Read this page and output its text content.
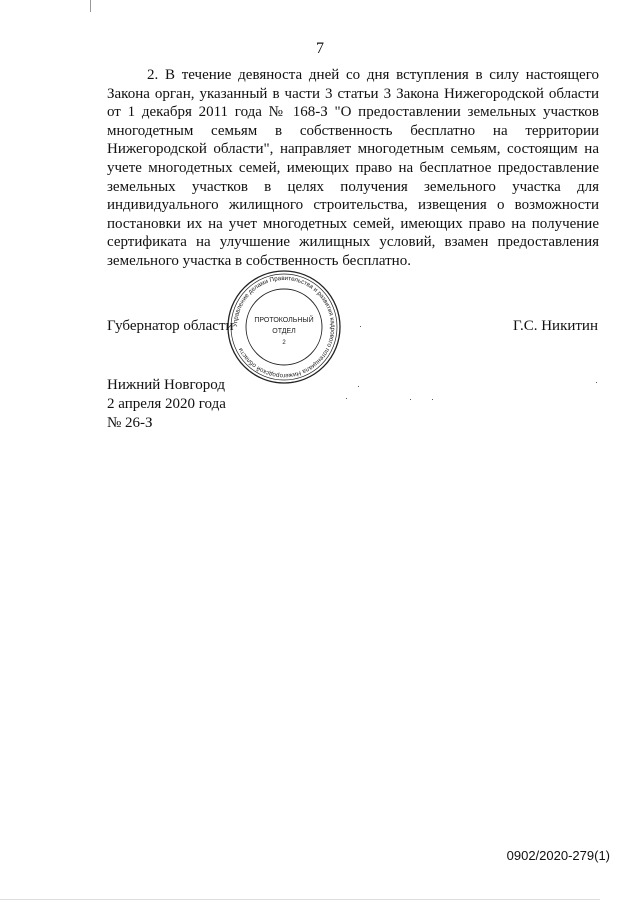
7

2. В течение девяноста дней со дня вступления в силу настоящего Закона орган, указанный в части 3 статьи 3 Закона Нижегородской области от 1 декабря 2011 года № 168-З "О предоставлении земельных участков многодетным семьям в собственность бесплатно на территории Нижегородской области", направляет многодетным семьям, состоящим на учете многодетных семей, имеющих право на бесплатное предоставление земельных участков в целях получения земельного участка для индивидуального жилищного строительства, извещения о возможности постановки их на учет многодетных семей, имеющих право на получение сертификата на улучшение жилищных условий, взамен предоставления земельного участка в собственность бесплатно.

Губернатор области
Управление делами Правительства и развития кадрового потенциала Нижегородской области
ПРОТОКОЛЬНЫЙ
ОТДЕЛ
2
Г.С. Никитин
Нижний Новгород
2 апреля 2020 года
№ 26-З
0902/2020-279(1)
